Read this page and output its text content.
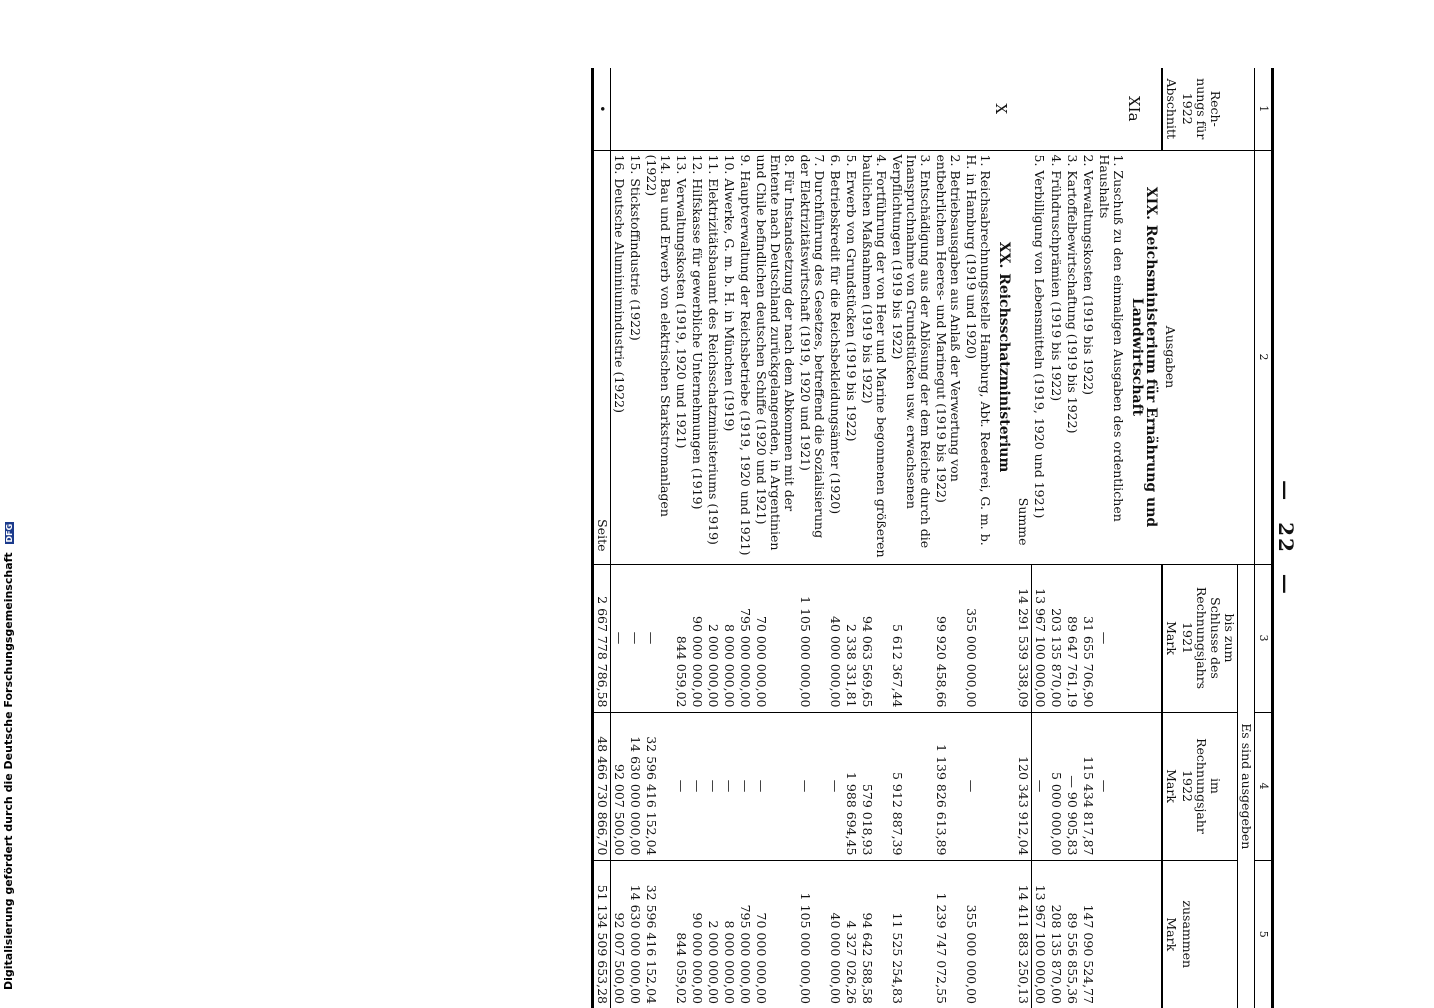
—22—
1	2	3	4	5
Rech-
nungs für
1922	Ausgaben	Es sind ausgegeben		
		bis zum
Schlusse des
Rechnungsjahrs
1921	im
Rechnungsjahr
1922	zusammen
Abschnitt		Mark	Mark	Mark
XIa	XIX. Reichsministerium für Ernährung und Landwirtschaft			
	1. Zuschuß zu den einmaligen Ausgaben des ordentlichen Haushalts	—	—	
	2. Verwaltungskosten (1919 bis 1922)	31 655 706,90	115 434 817,87	147 090 524,77
	3. Kartoffelbewirtschaftung (1919 bis 1922)	89 647 761,19	— 90 905,83	89 556 855,36
	4. Frühdruschprämien (1919 bis 1922)	203 135 870,00	5 000 000,00	208 135 870,00
	5. Verbilligung von Lebensmitteln (1919, 1920 und 1921)	13 967 100 000,00	—	13 967 100 000,00
	Summe	14 291 539 338,09	120 343 912,04	14 411 883 250,13
X	XX. Reichsschatzministerium			
	1. Reichsabrechnungsstelle Hamburg, Abt. Reederei, G. m. b. H. in Hamburg (1919 und 1920)	355 000 000,00	—	355 000 000,00
	2. Betriebsausgaben aus Anlaß der Verwertung von entbehrlichem Heeres- und Marinegut (1919 bis 1922)	99 920 458,66	1 139 826 613,89	1 239 747 072,55
	3. Entschädigung aus der Ablösung der dem Reiche durch die Inanspruchnahme von Grundstücken usw. erwachsenen Verpflichtungen (1919 bis 1922)	5 612 367,44	5 912 887,39	11 525 254,83
	4. Fortführung der von Heer und Marine begonnenen größeren baulichen Maßnahmen (1919 bis 1922)	94 063 569,65	579 018,93	94 642 588,58
	5. Erwerb von Grundstücken (1919 bis 1922)	2 338 331,81	1 988 694,45	4 327 026,26
	6. Betriebskredit für die Reichsbekleidungsämter (1920)	40 000 000,00	—	40 000 000,00
	7. Durchführung des Gesetzes, betreffend die Sozialisierung der Elektrizitätswirtschaft (1919, 1920 und 1921)	1 105 000 000,00	—	1 105 000 000,00
	8. Für Instandsetzung der nach dem Abkommen mit der Entente nach Deutschland zurückgelangenden, in Argentinien und Chile befindlichen deutschen Schiffe (1920 und 1921)	70 000 000,00	—	70 000 000,00
	9. Hauptverwaltung der Reichsbetriebe (1919, 1920 und 1921)	795 000 000,00	—	795 000 000,00
	10. Alwerke, G. m. b. H. in München (1919)	8 000 000,00	—	8 000 000,00
	11. Elektrizitätsbauamt des Reichsschatzministeriums (1919)	2 000 000,00	—	2 000 000,00
	12. Hilfskasse für gewerbliche Unternehmungen (1919)	90 000 000,00	—	90 000 000,00
	13. Verwaltungskosten (1919, 1920 und 1921)	844 059,02	—	844 059,02
	14. Bau und Erwerb von elektrischen Starkstromanlagen (1922)	—	32 596 416 152,04	32 596 416 152,04
	15. Stickstoffindustrie (1922)	—	14 630 000 000,00	14 630 000 000,00
	16. Deutsche Aluminiumindustrie (1922)	—	92 007 500,00	92 007 500,00
•	Seite	2 667 778 786,58	48 466 730 866,70	51 134 509 653,28
Digitalisierung gefördert durch die Deutsche Forschungsgemeinschaft DFG
